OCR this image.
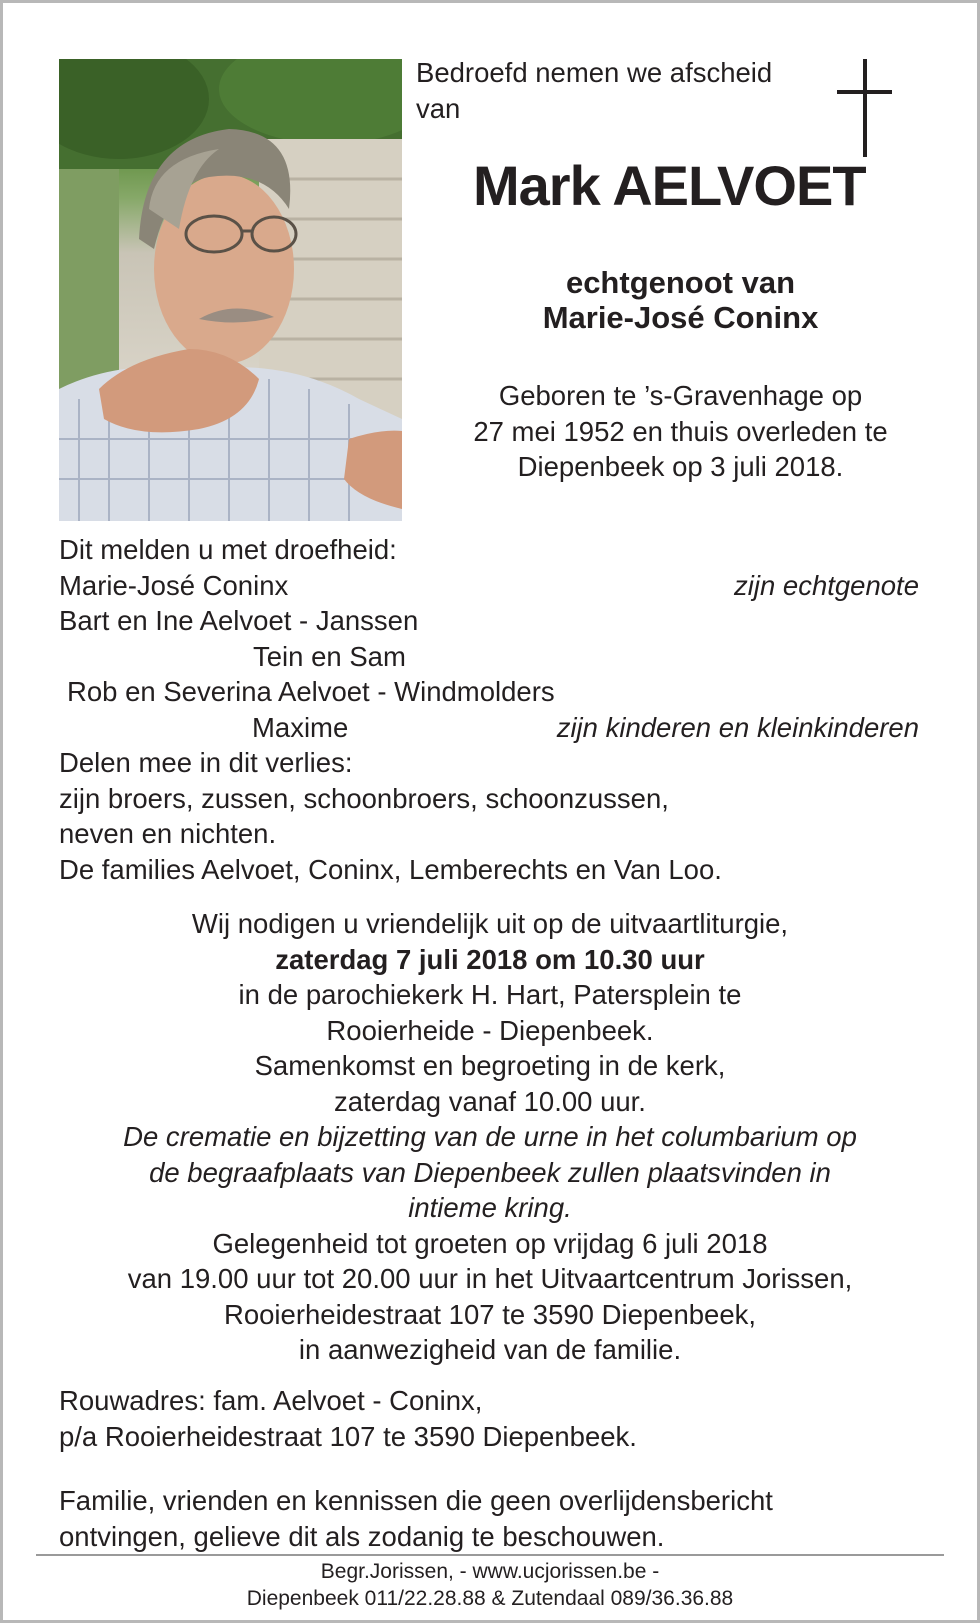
Bedroefd nemen we afscheid
van
Mark AELVOET
echtgenoot van
Marie-José Coninx
Geboren te ’s-Gravenhage op
27 mei 1952 en thuis overleden te
Diepenbeek op 3 juli 2018.
Dit melden u met droefheid:
Marie-José Coninx	zijn echtgenote
Bart en Ine Aelvoet - Janssen
Tein en Sam
Rob en Severina Aelvoet - Windmolders
Maxime	zijn kinderen en kleinkinderen
Delen mee in dit verlies:
zijn broers, zussen, schoonbroers, schoonzussen,
neven en nichten.
De families Aelvoet, Coninx, Lemberechts en Van Loo.
Wij nodigen u vriendelijk uit op de uitvaartliturgie,
zaterdag 7 juli 2018 om 10.30 uur
in de parochiekerk H. Hart, Patersplein te
Rooierheide - Diepenbeek.
Samenkomst en begroeting in de kerk,
zaterdag vanaf 10.00 uur.
De crematie en bijzetting van de urne in het columbarium op
de begraafplaats van Diepenbeek zullen plaatsvinden in
intieme kring.
Gelegenheid tot groeten op vrijdag 6 juli 2018
van 19.00 uur tot 20.00 uur in het Uitvaartcentrum Jorissen,
Rooierheidestraat 107 te 3590 Diepenbeek,
in aanwezigheid van de familie.
Rouwadres: fam. Aelvoet - Coninx,
p/a Rooierheidestraat 107 te 3590 Diepenbeek.
Familie, vrienden en kennissen die geen overlijdensbericht
ontvingen, gelieve dit als zodanig te beschouwen.
Begr.Jorissen, - www.ucjorissen.be -
Diepenbeek 011/22.28.88 & Zutendaal 089/36.36.88
